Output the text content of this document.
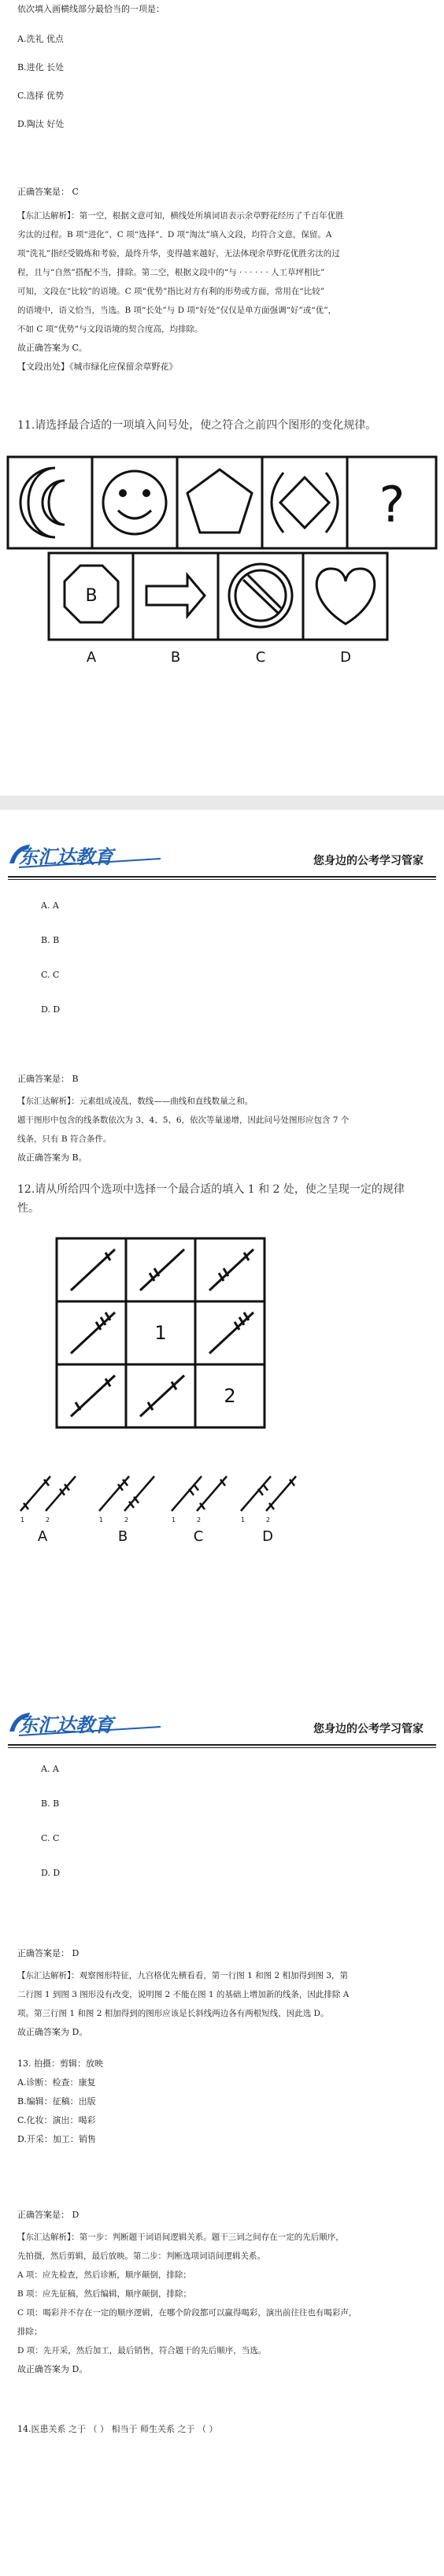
依次填入画横线部分最恰当的一项是：
A.洗礼 优点
B.进化 长处
C.选择 优势
D.陶汰 好处
正确答案是： C
【东汇达解析】：第一空，根据文意可知，横线处所填词语表示余草野花经历了千百年优胜
劣汰的过程。B 项“进化”、C 项“选择”、D 项“淘汰”填入文段，均符合文意，保留。A
项“洗礼”指经受锻炼和考验，最终升华，变得越来越好，无法体现余草野花优胜劣汰的过
程，且与“自然”搭配不当，排除。第二空，根据文段中的“与 · · · · · · 人工草坪相比”
可知，文段在“比较”的语境。C 项“优势”指比对方有利的形势或方面，常用在“比较”
的语境中，语义恰当，当选。B 项“长处”与 D 项“好处”仅仅是单方面强调“好”或“优”，
不如 C 项“优势”与文段语境的契合度高，均排除。
故正确答案为 C。
【文段出处】《城市绿化应保留余草野花》
11.请选择最合适的一项填入问号处，使之符合之前四个图形的变化规律。
?
B
A	B	C	D
东汇达教育	您身边的公考学习管家
A. A
B. B
C. C
D. D
正确答案是： B
【东汇达解析】：元素组成凌乱，数线——曲线和直线数量之和。
题干图形中包含的线条数依次为 3、4、5、6，依次等量递增，因此问号处图形应包含 7 个
线条，只有 B 符合条件。
故正确答案为 B。
12.请从所给四个选项中选择一个最合适的填入 1 和 2 处，使之呈现一定的规律
性。
1
2
1	2	1	2	1	2	1	2
A	B	C	D
东汇达教育	您身边的公考学习管家
A. A
B. B
C. C
D. D
正确答案是： D
【东汇达解析】：观察图形特征，九宫格优先横看看，第一行图 1 和图 2 相加得到图 3，第
二行图 1 到图 3 图形没有改变，说明图 2 不能在图 1 的基础上增加新的线条，因此排除 A
项。第三行图 1 和图 2 相加得到的图形应该是长斜线两边各有两根短线，因此选 D。
故正确答案为 D。
13. 拍摄：剪辑：放映
A.诊断：检查：康复
B.编辑：征稿：出版
C.化妆：演出：喝彩
D.开采：加工：销售
正确答案是： D
【东汇达解析】：第一步：判断题干词语间逻辑关系。题干三词之间存在一定的先后顺序，
先拍摄，然后剪辑，最后放映。第二步：判断选项词语间逻辑关系。
A 项：应先检查，然后诊断，顺序颠倒，排除；
B 项：应先征稿，然后编辑，顺序颠倒，排除；
C 项：喝彩并不存在一定的顺序逻辑，在哪个阶段都可以赢得喝彩，演出前往往也有喝彩声，
排除；
D 项：先开采，然后加工，最后销售，符合题干的先后顺序，当选。
故正确答案为 D。
14.医患关系 之于 （ ） 相当于 师生关系 之于 （ ）
